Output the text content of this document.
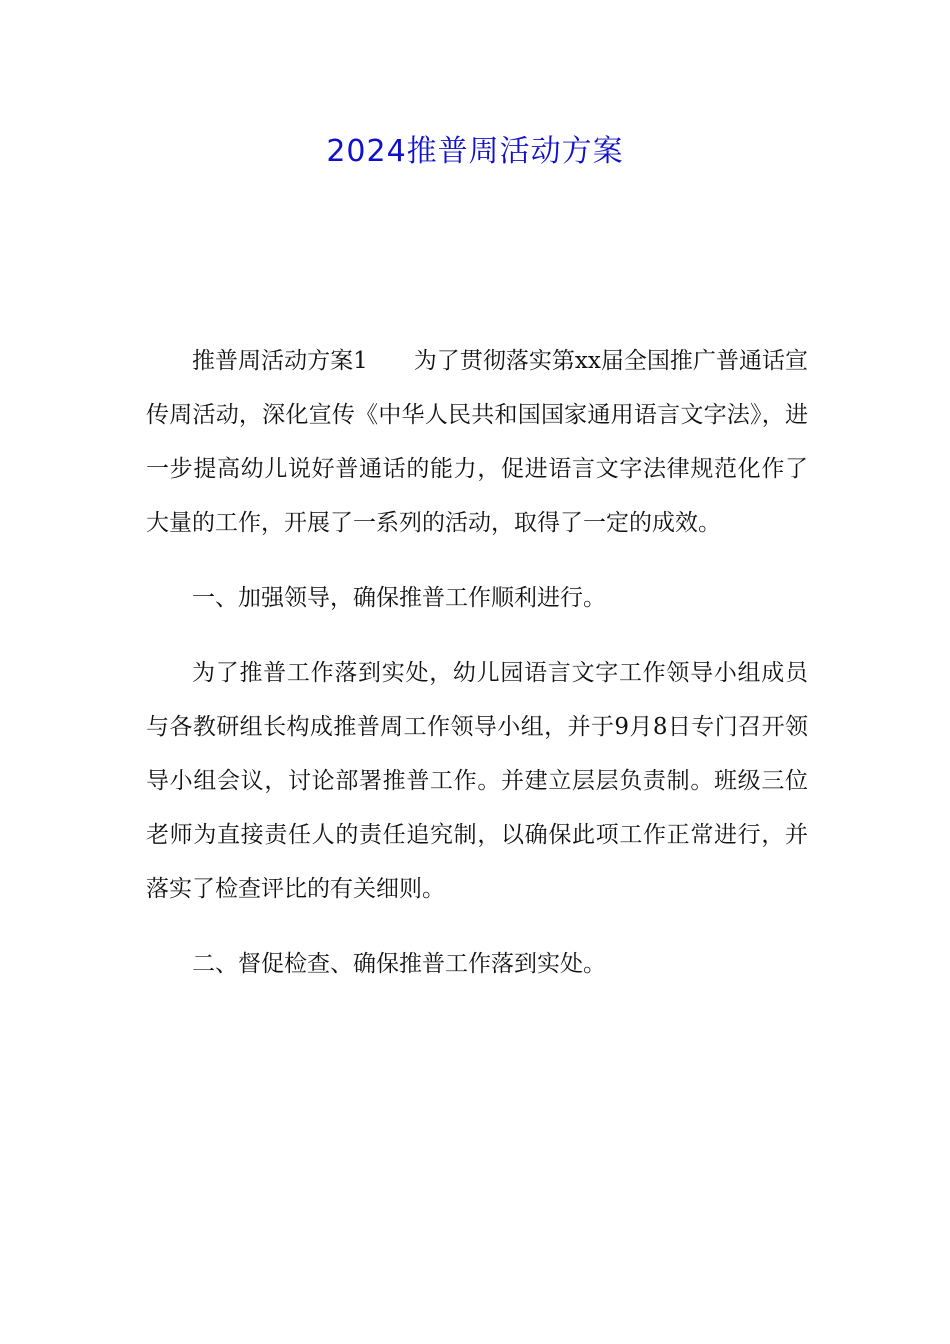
2024推普周活动方案

推普周活动方案1　　为了贯彻落实第xx届全国推广普通话宣传周活动，深化宣传《中华人民共和国国家通用语言文字法》，进一步提高幼儿说好普通话的能力，促进语言文字法律规范化作了大量的工作，开展了一系列的活动，取得了一定的成效。

一、加强领导，确保推普工作顺利进行。

为了推普工作落到实处，幼儿园语言文字工作领导小组成员与各教研组长构成推普周工作领导小组，并于9月8日专门召开领导小组会议，讨论部署推普工作。并建立层层负责制。班级三位老师为直接责任人的责任追究制，以确保此项工作正常进行，并落实了检查评比的有关细则。

二、督促检查、确保推普工作落到实处。
